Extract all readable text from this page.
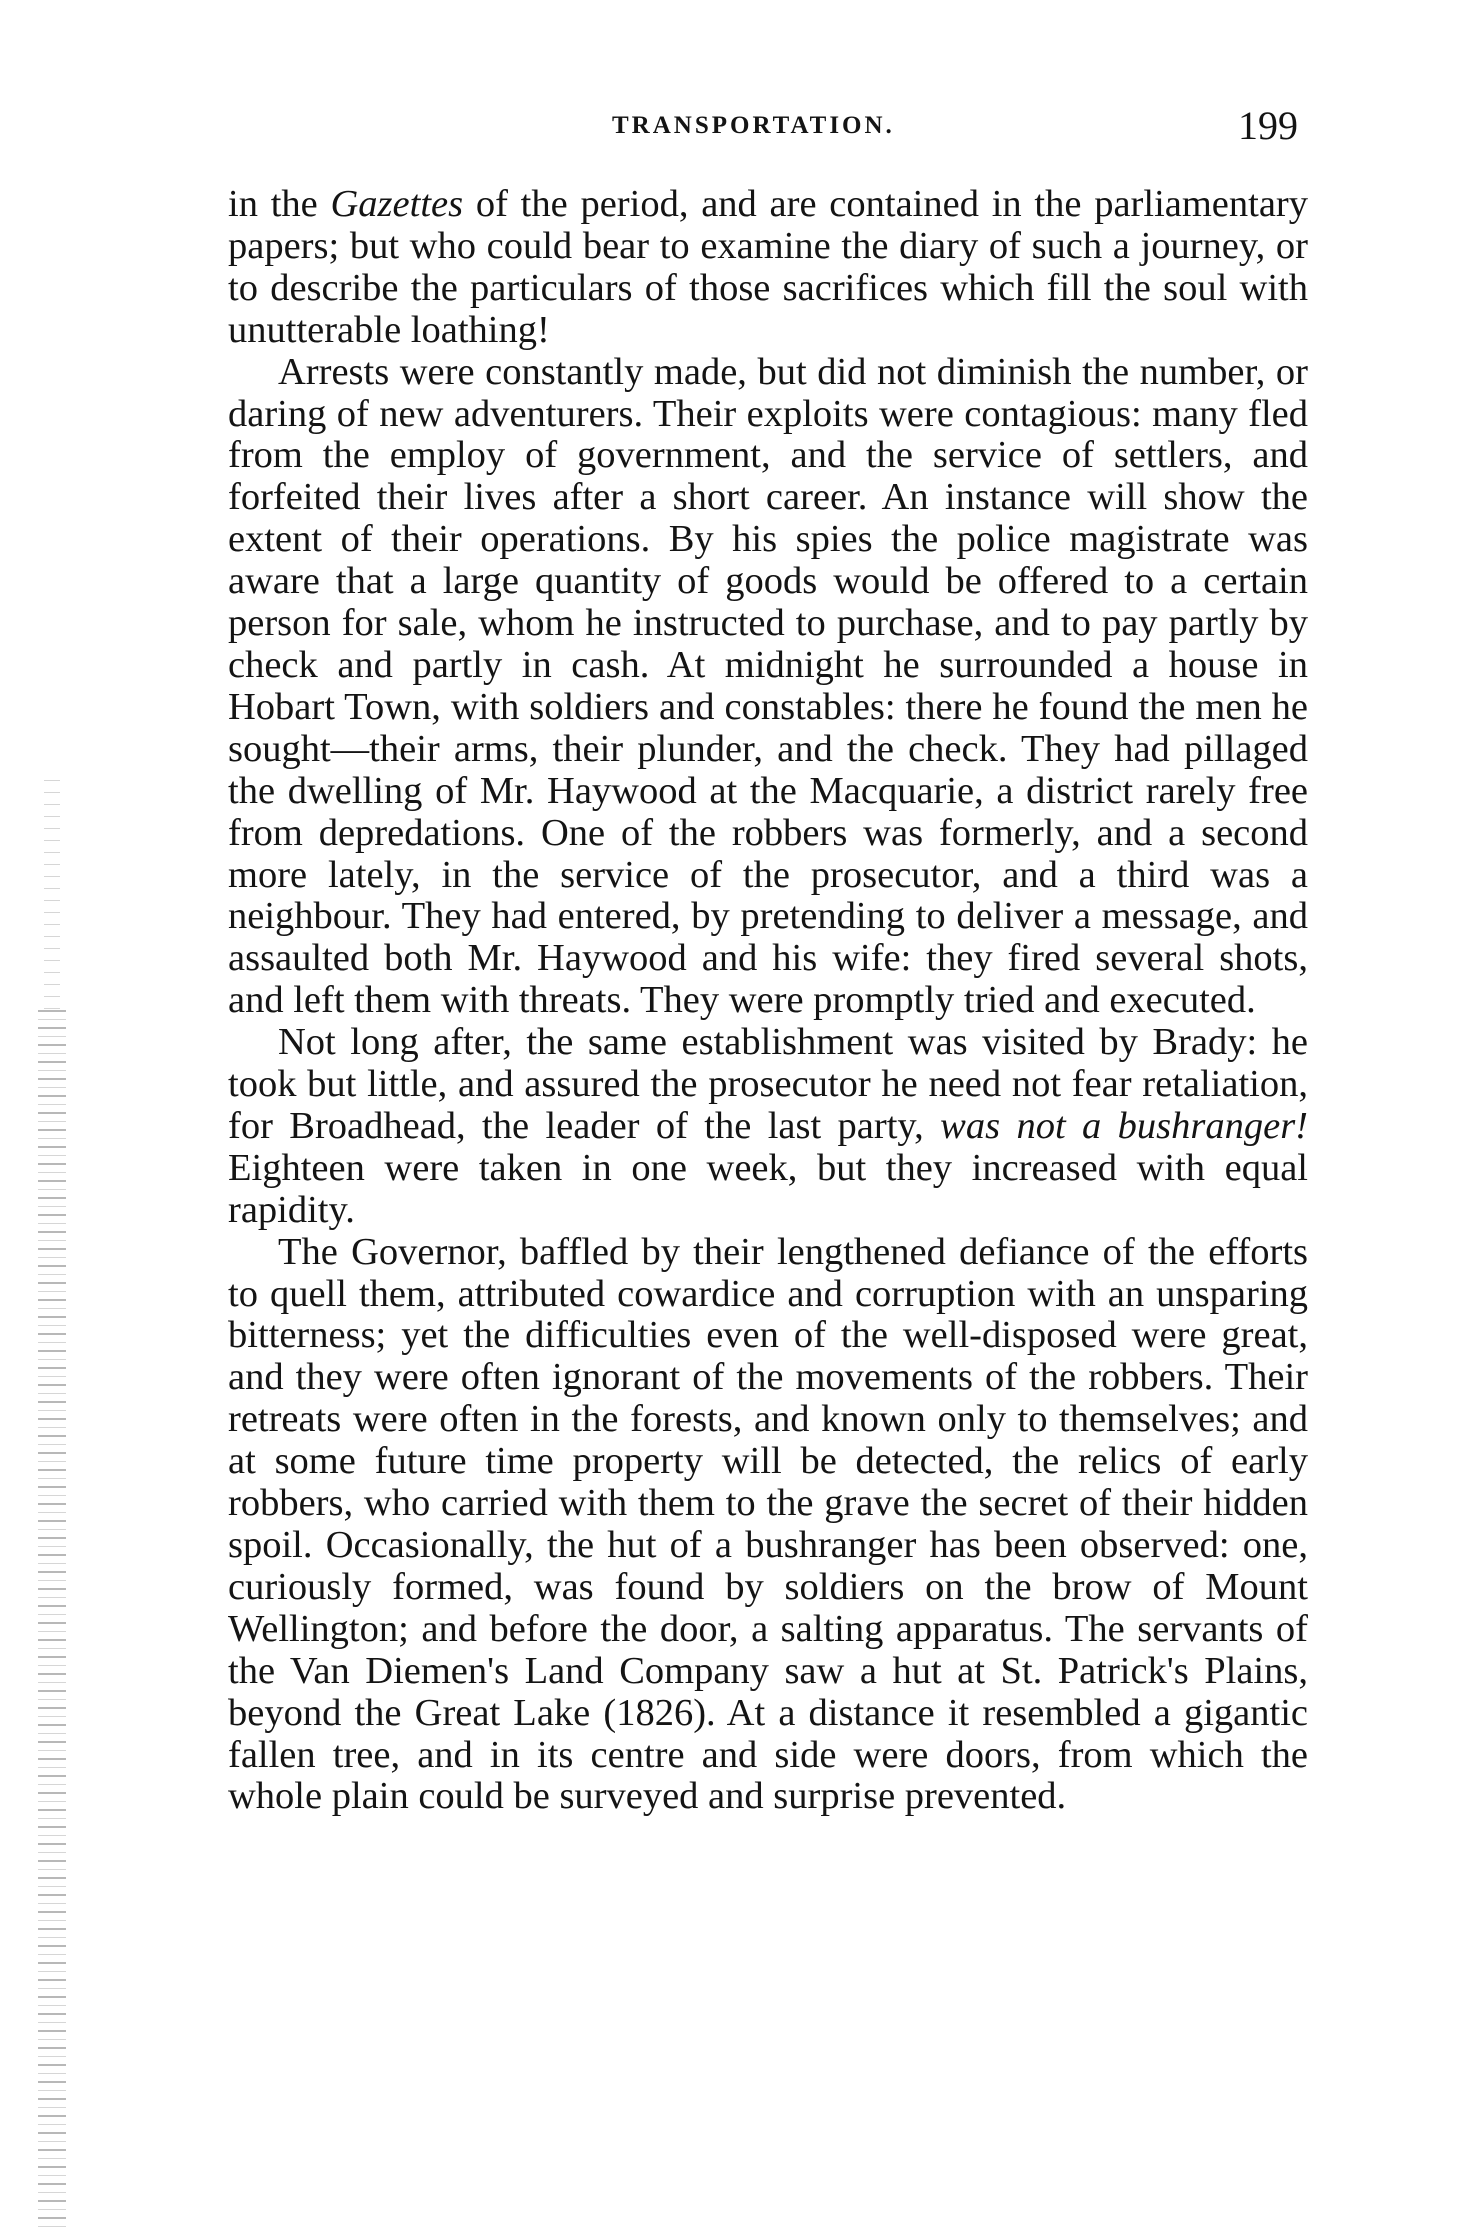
TRANSPORTATION.	199

in the Gazettes of the period, and are contained in the parliamentary papers; but who could bear to examine the diary of such a journey, or to describe the particulars of those sacrifices which fill the soul with unutterable loathing!

Arrests were constantly made, but did not diminish the number, or daring of new adventurers. Their exploits were contagious: many fled from the employ of government, and the service of settlers, and forfeited their lives after a short career. An instance will show the extent of their operations. By his spies the police magistrate was aware that a large quantity of goods would be offered to a certain person for sale, whom he instructed to purchase, and to pay partly by check and partly in cash. At midnight he surrounded a house in Hobart Town, with soldiers and constables: there he found the men he sought—their arms, their plunder, and the check. They had pillaged the dwelling of Mr. Haywood at the Macquarie, a district rarely free from depredations. One of the robbers was formerly, and a second more lately, in the service of the prosecutor, and a third was a neighbour. They had entered, by pretending to deliver a message, and assaulted both Mr. Haywood and his wife: they fired several shots, and left them with threats. They were promptly tried and executed.

Not long after, the same establishment was visited by Brady: he took but little, and assured the prosecutor he need not fear retaliation, for Broadhead, the leader of the last party, was not a bushranger! Eighteen were taken in one week, but they increased with equal rapidity.

The Governor, baffled by their lengthened defiance of the efforts to quell them, attributed cowardice and corruption with an unsparing bitterness; yet the difficulties even of the well-disposed were great, and they were often ignorant of the movements of the robbers. Their retreats were often in the forests, and known only to themselves; and at some future time property will be detected, the relics of early robbers, who carried with them to the grave the secret of their hidden spoil. Occasionally, the hut of a bushranger has been observed: one, curiously formed, was found by soldiers on the brow of Mount Wellington; and before the door, a salting apparatus. The servants of the Van Diemen's Land Company saw a hut at St. Patrick's Plains, beyond the Great Lake (1826). At a distance it resembled a gigantic fallen tree, and in its centre and side were doors, from which the whole plain could be surveyed and surprise prevented.
